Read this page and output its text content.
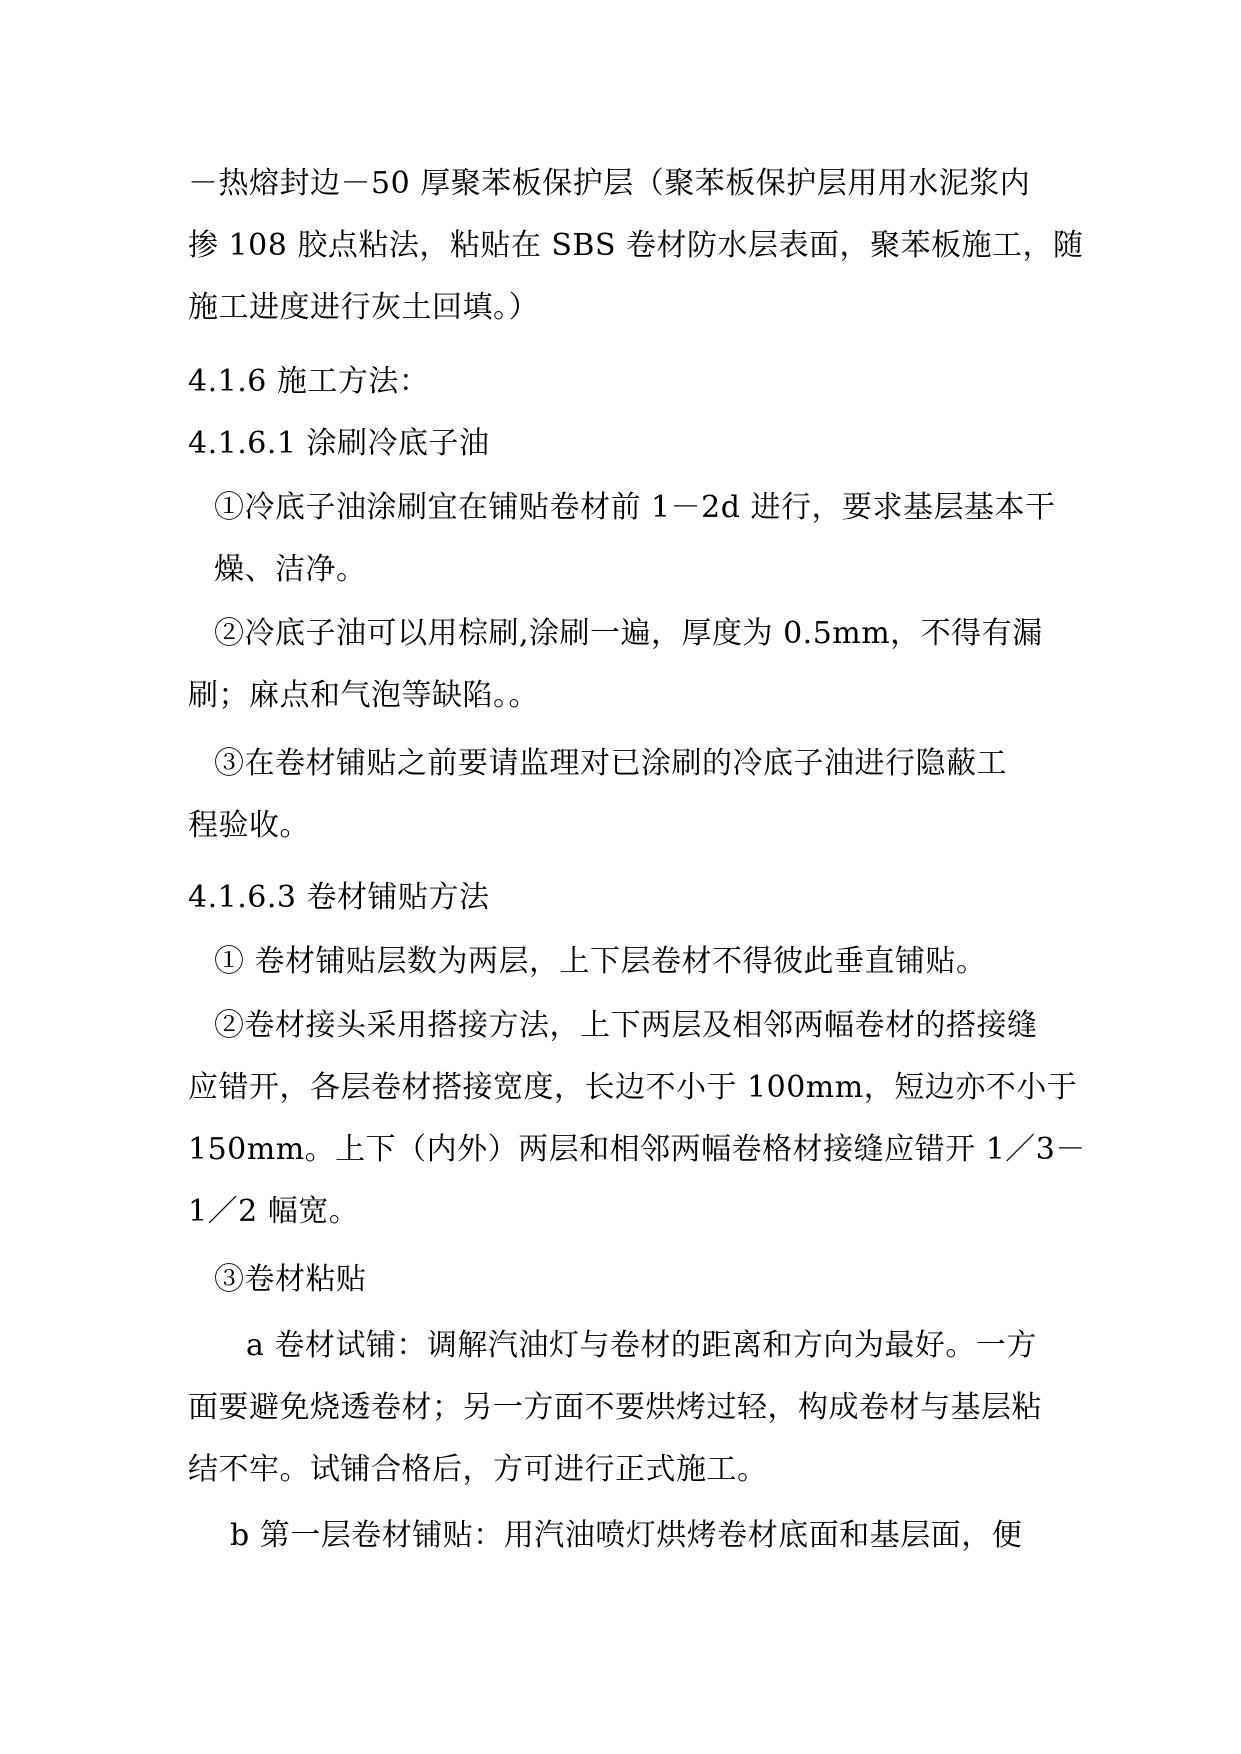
－热熔封边－50 厚聚苯板保护层（聚苯板保护层用用水泥浆内
掺 108 胶点粘法，粘贴在 SBS 卷材防水层表面，聚苯板施工，随
施工进度进行灰土回填。）
4.1.6 施工方法：
4.1.6.1 涂刷冷底子油
①冷底子油涂刷宜在铺贴卷材前 1－2d 进行，要求基层基本干
燥、洁净。
②冷底子油可以用棕刷,涂刷一遍，厚度为 0.5mm，不得有漏
刷；麻点和气泡等缺陷。。
③在卷材铺贴之前要请监理对已涂刷的冷底子油进行隐蔽工
程验收。
4.1.6.3 卷材铺贴方法
① 卷材铺贴层数为两层，上下层卷材不得彼此垂直铺贴。
②卷材接头采用搭接方法，上下两层及相邻两幅卷材的搭接缝
应错开，各层卷材搭接宽度，长边不小于 100mm，短边亦不小于
150mm。上下（内外）两层和相邻两幅卷格材接缝应错开 1／3－
1／2 幅宽。
③卷材粘贴
a 卷材试铺：调解汽油灯与卷材的距离和方向为最好。一方
面要避免烧透卷材；另一方面不要烘烤过轻，构成卷材与基层粘
结不牢。试铺合格后，方可进行正式施工。
b 第一层卷材铺贴：用汽油喷灯烘烤卷材底面和基层面，便
